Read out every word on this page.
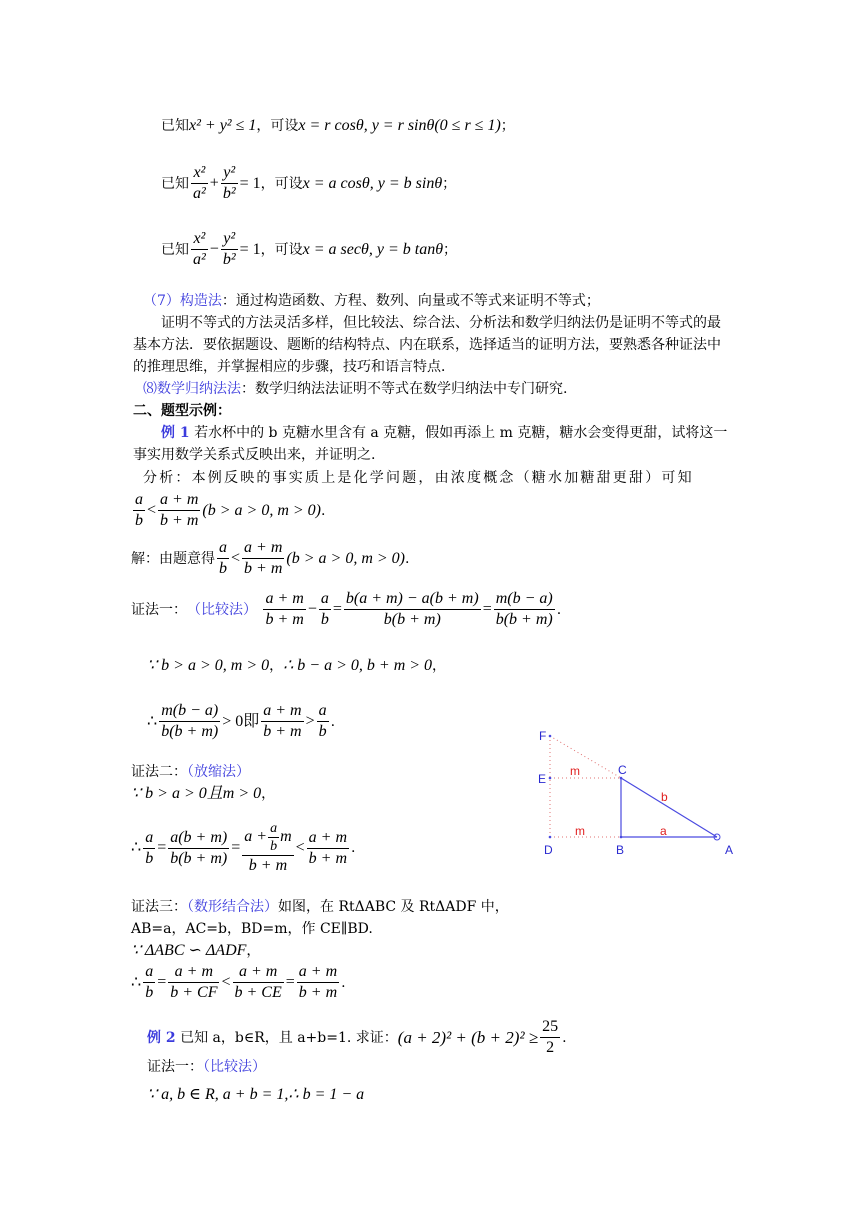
已知x² + y² ≤ 1，可设x = r cosθ, y = r sinθ(0 ≤ r ≤ 1)；
已知 $\frac{\text{x²}}{\text{a²}} + \frac{\text{y²}}{\text{b²}} = 1$，可设x = a cosθ, y = b sinθ；
已知 $\frac{\text{x²}}{\text{a²}} - \frac{\text{y²}}{\text{b²}} = 1$，可设x = a secθ, y = b tanθ；
（7）构造法：通过构造函数、方程、数列、向量或不等式来证明不等式；
证明不等式的方法灵活多样，但比较法、综合法、分析法和数学归纳法仍是证明不等式的最基本方法．要依据题设、题断的结构特点、内在联系，选择适当的证明方法，要熟悉各种证法中的推理思维，并掌握相应的步骤，技巧和语言特点．
⑻数学归纳法法：数学归纳法法证明不等式在数学归纳法中专门研究.
二、题型示例：
例 1 若水杯中的 b 克糖水里含有 a 克糖，假如再添上 m 克糖，糖水会变得更甜，试将这一事实用数学关系式反映出来，并证明之.
分析：本例反映的事实质上是化学问题，由浓度概念（糖水加糖甜更甜）可知
$\frac{a}{b} < \frac{a + m}{b + m} (b > a > 0$, m > 0).
解：由题意得 $\frac{a}{b} < \frac{a + m}{b + m} (b > a > 0$, m > 0).
证法一：（比较法） $\frac{a + m}{b + m} - \frac{a}{b} = \frac{b(a + m) - a(b + m)}{b(b + m)} = \frac{m(b - a)}{b(b + m)}$ .
∵ b > a > 0, m > 0，∴ b − a > 0, b + m > 0，
∴ $\frac{m(b - a)}{b(b + m)} > 0$即 $\frac{a + m}{b + m} > \frac{a}{b}$ .
证法二：（放缩法）
∵ b > a > 0且m > 0，
∴ $\frac{a}{b} = \frac{a(b + m)}{b(b + m)} = \frac{a + \frac{a}{b} m}{b + m} < \frac{a + m}{b + m}$ .
证法三：（数形结合法）如图，在 RtΔABC 及 RtΔADF 中，
AB=a，AC=b，BD=m，作 CE∥BD.
∵ ΔABC ∽ ΔADF，
∴ $\frac{a}{b} = \frac{a + m}{b + CF} < \frac{a + m}{b + CE} = \frac{a + m}{b + m}$ .
例 2 已知 a，b∈R，且 a+b=1. 求证：$(a + 2)^2 + (b + 2)^2 \ge \frac{25}{2}$ .
证法一：（比较法）
∵ a, b ∈ R, a + b = 1,∴ b = 1 − a
F
E
C
D	B	A
m
m
b
a
